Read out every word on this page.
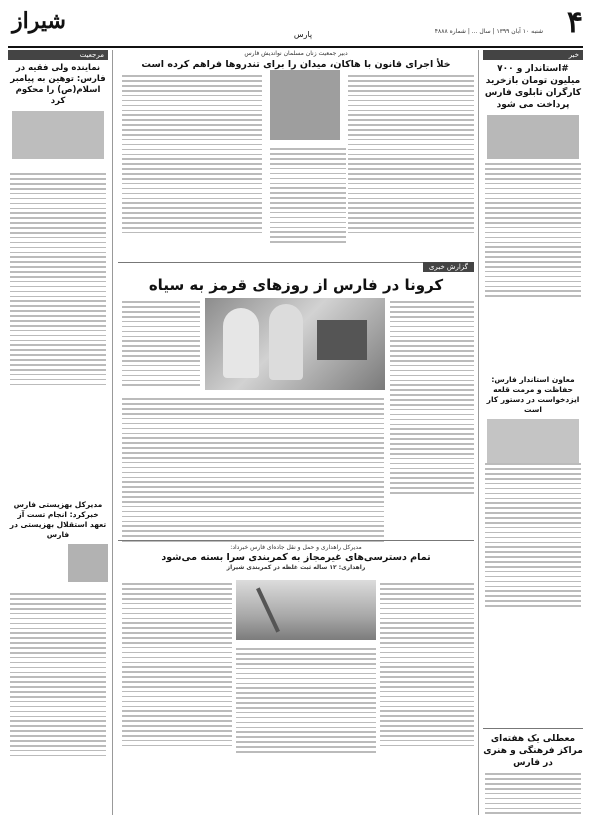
۴
شنبه ۱۰ آبان ۱۳۹۹ | سال ... | شماره ۴۸۸۸
پارس
شیراز
خبر
#استاندار و ۷۰۰ میلیون تومان بازخرید کارگران تابلوی فارس پرداخت می شود
معاون استاندار فارس: حفاظت و مرمت قلعه ایزدخواست در دستور کار است
معطلی یک هفته‌ای مراکز فرهنگی و هنری در فارس
مرجعیت
نماینده ولی فقیه در فارس: توهین به پیامبر اسلام(ص) را محکوم کرد
مدیرکل بهزیستی فارس خبرکرد: انجام تست آز تعهد استقلال بهزیستی در فارس
دبیر جمعیت زنان مسلمان نواندیش فارس
خلأ اجرای قانون با هاکان، میدان را برای تندروها فراهم کرده است
گزارش خبری
کرونا در فارس از روزهای قرمز به سیاه
مدیرکل راهداری و حمل و نقل جاده‌ای فارس خبرداد:
تمام دسترسی‌های غیرمجاز به کمربندی سرا بسته می‌شود
راهداری: ۱۲ ساله ثبت غلظه در کمربندی شیراز
